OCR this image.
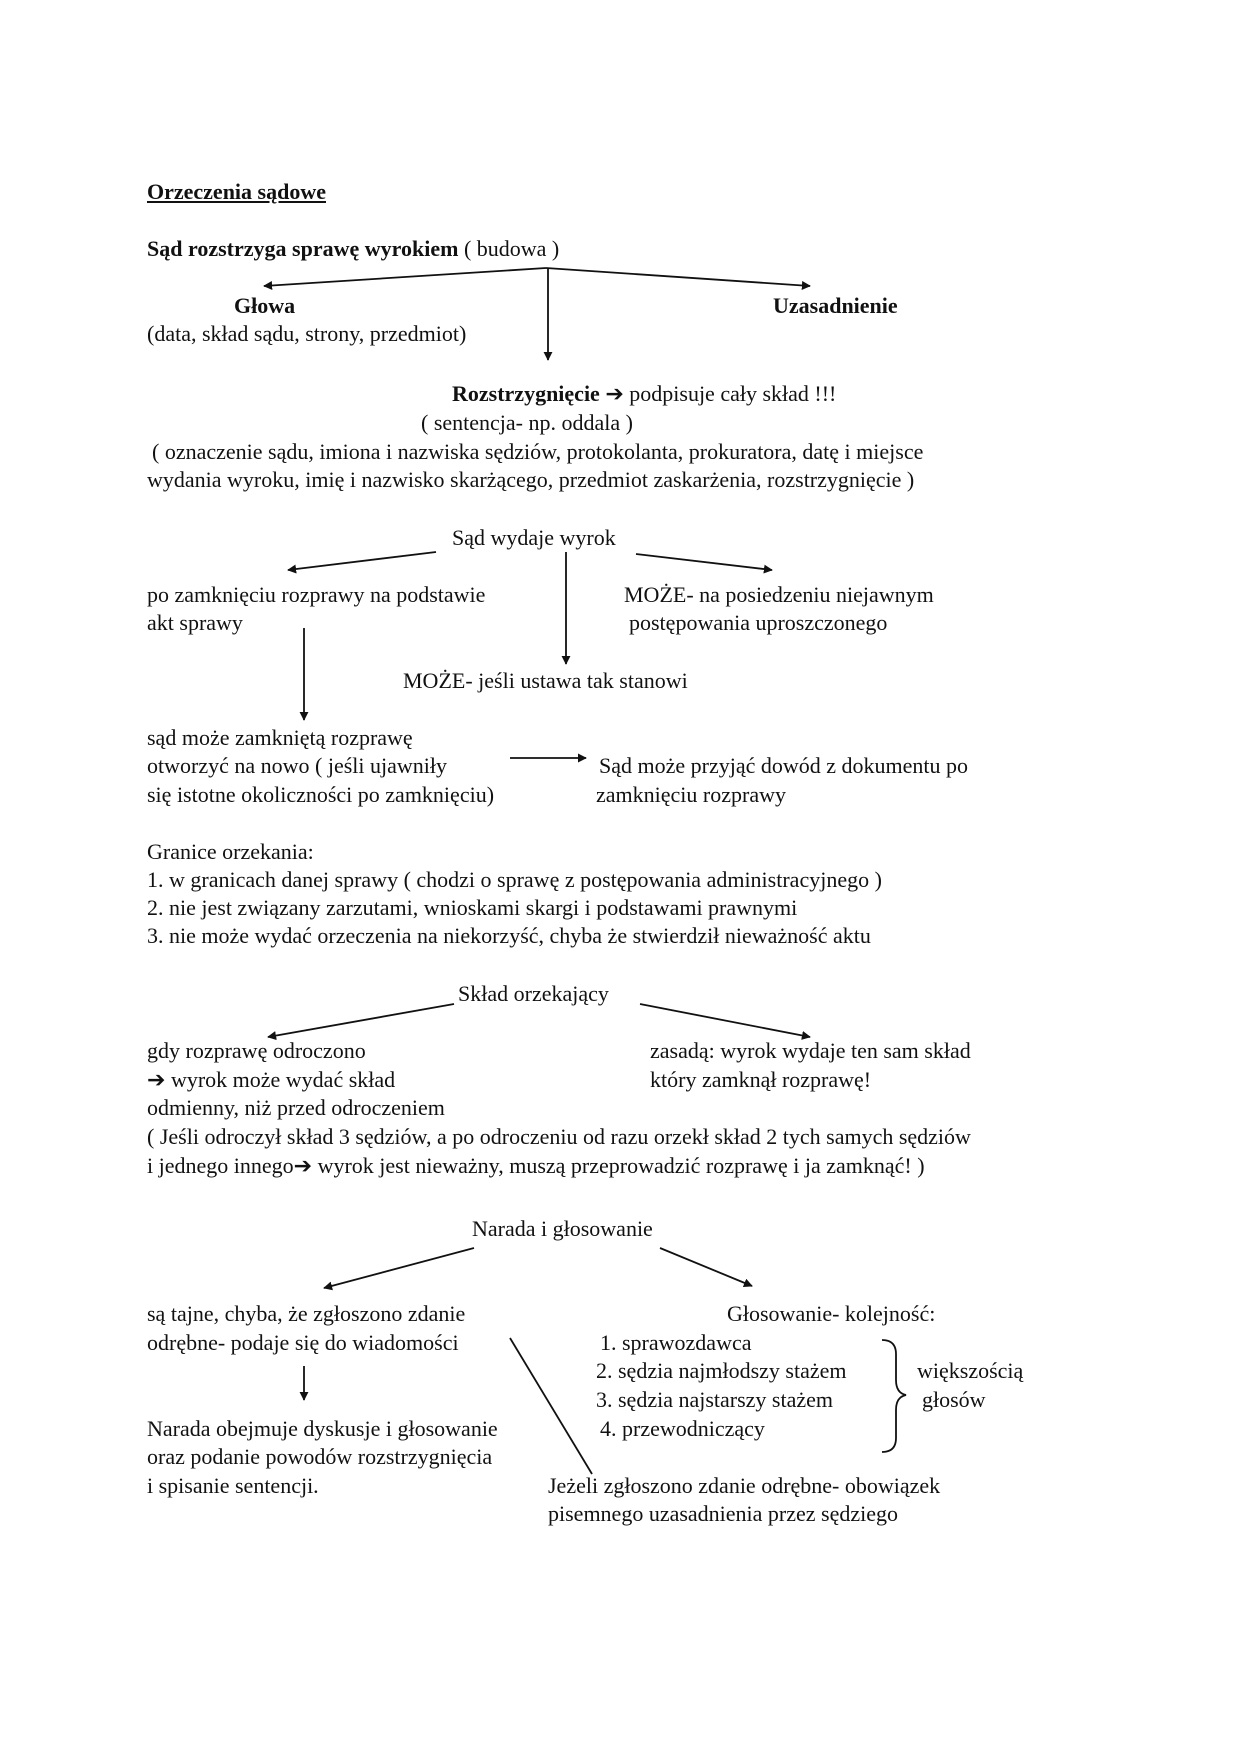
Orzeczenia sądowe
Sąd rozstrzyga sprawę wyrokiem ( budowa )
Głowa
(data, skład sądu, strony, przedmiot)
Uzasadnienie
Rozstrzygnięcie ➔ podpisuje cały skład !!!
( sentencja- np. oddala )
( oznaczenie sądu, imiona i nazwiska sędziów, protokolanta, prokuratora, datę i miejsce
wydania wyroku, imię i nazwisko skarżącego, przedmiot zaskarżenia, rozstrzygnięcie )
Sąd wydaje wyrok
po zamknięciu rozprawy na podstawie
akt sprawy
MOŻE- na posiedzeniu niejawnym
postępowania uproszczonego
MOŻE- jeśli ustawa tak stanowi
sąd może zamkniętą rozprawę
otworzyć na nowo ( jeśli ujawniły
się istotne okoliczności po zamknięciu)
Sąd może przyjąć dowód z dokumentu po
zamknięciu rozprawy
Granice orzekania:
1. w granicach danej sprawy ( chodzi o sprawę z postępowania administracyjnego )
2. nie jest związany zarzutami, wnioskami skargi i podstawami prawnymi
3. nie może wydać orzeczenia na niekorzyść, chyba że stwierdził nieważność aktu
Skład orzekający
gdy rozprawę odroczono
➔ wyrok może wydać skład
odmienny, niż przed odroczeniem
zasadą: wyrok wydaje ten sam skład
który zamknął rozprawę!
( Jeśli odroczył skład 3 sędziów, a po odroczeniu od razu orzekł skład 2 tych samych sędziów
i jednego innego➔ wyrok jest nieważny, muszą przeprowadzić rozprawę i ja zamknąć! )
Narada i głosowanie
są tajne, chyba, że zgłoszono zdanie
odrębne- podaje się do wiadomości
Narada obejmuje dyskusje i głosowanie
oraz podanie powodów rozstrzygnięcia
i spisanie sentencji.
Głosowanie- kolejność:
1. sprawozdawca
2. sędzia najmłodszy stażem
3. sędzia najstarszy stażem
4. przewodniczący
większością
głosów
Jeżeli zgłoszono zdanie odrębne- obowiązek
pisemnego uzasadnienia przez sędziego
